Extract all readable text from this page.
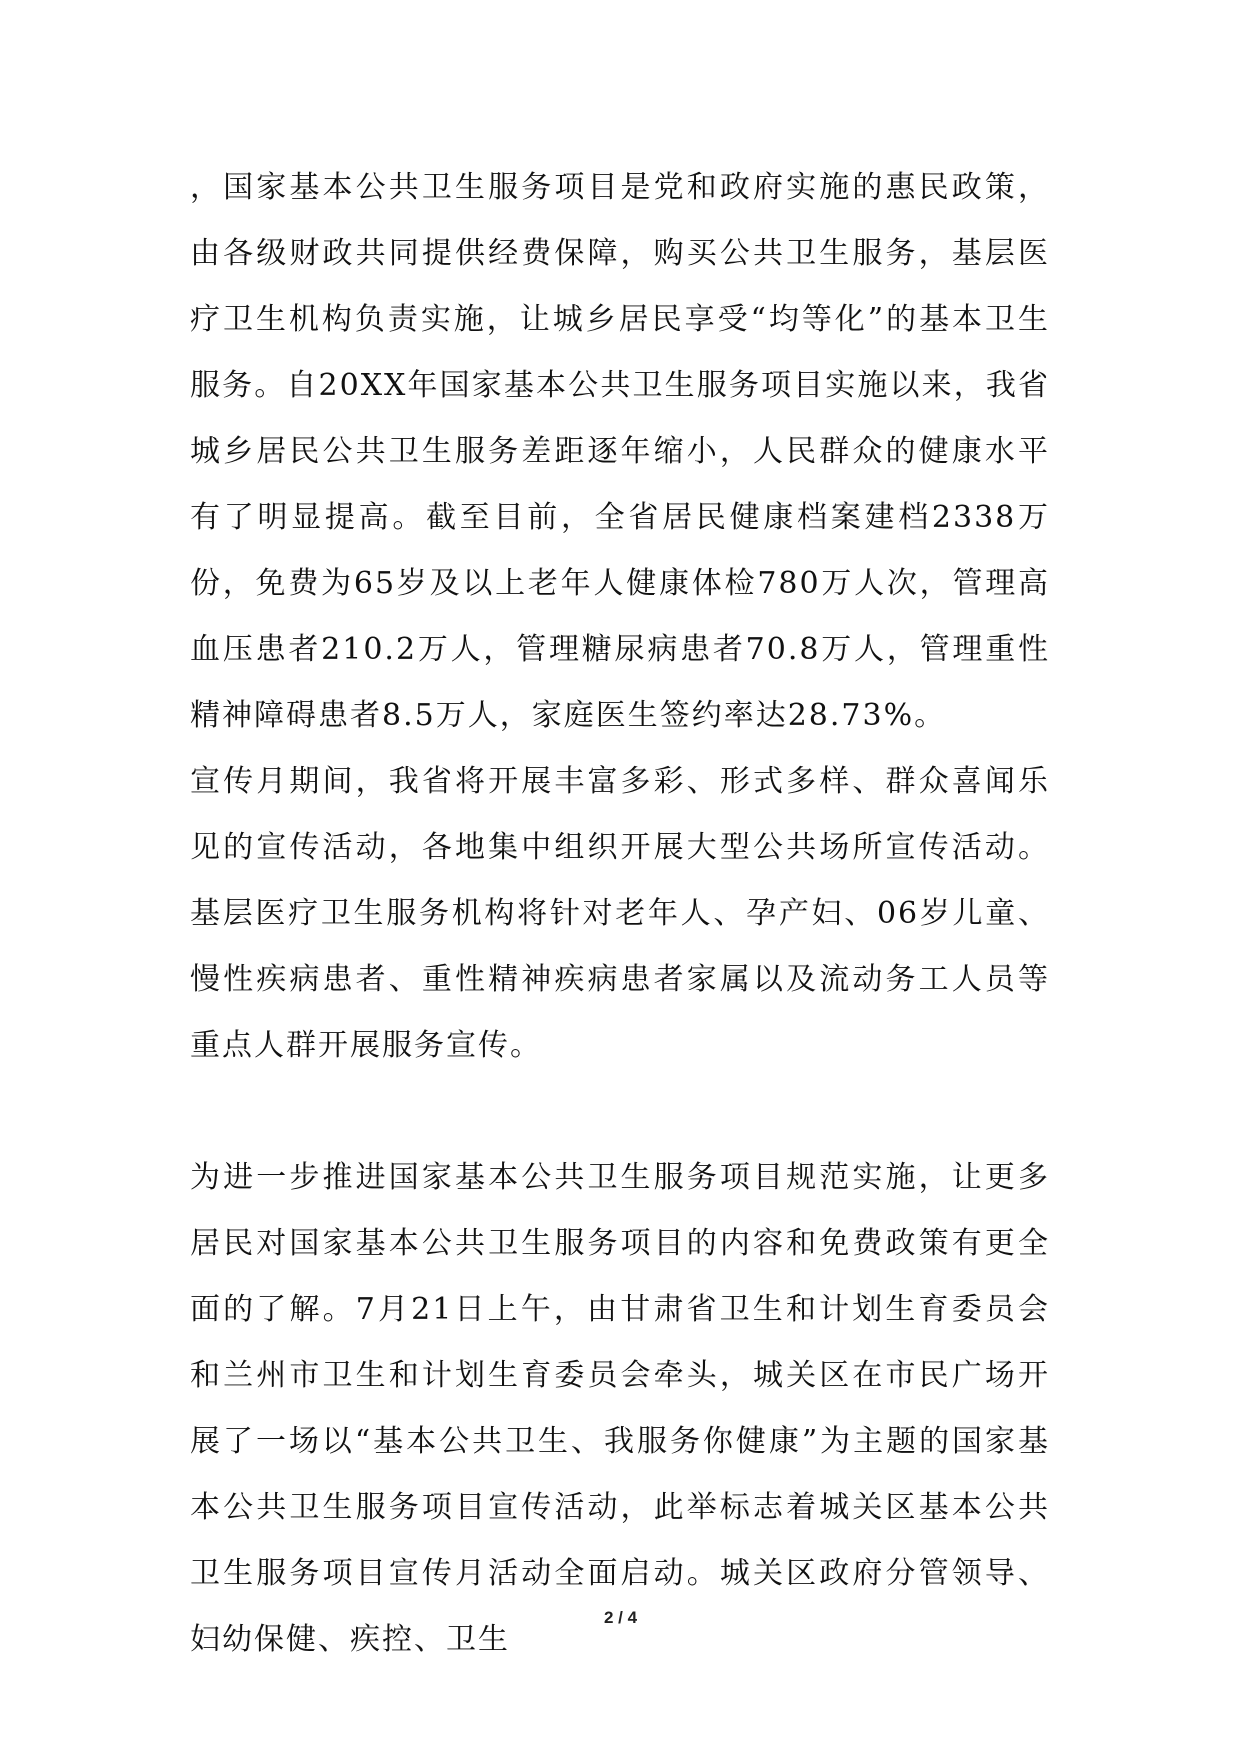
，国家基本公共卫生服务项目是党和政府实施的惠民政策，由各级财政共同提供经费保障，购买公共卫生服务，基层医疗卫生机构负责实施，让城乡居民享受“均等化”的基本卫生服务。自20XX年国家基本公共卫生服务项目实施以来，我省城乡居民公共卫生服务差距逐年缩小，人民群众的健康水平有了明显提高。截至目前，全省居民健康档案建档2338万份，免费为65岁及以上老年人健康体检780万人次，管理高血压患者210.2万人，管理糖尿病患者70.8万人，管理重性精神障碍患者8.5万人，家庭医生签约率达28.73%。

宣传月期间，我省将开展丰富多彩、形式多样、群众喜闻乐见的宣传活动，各地集中组织开展大型公共场所宣传活动。基层医疗卫生服务机构将针对老年人、孕产妇、06岁儿童、慢性疾病患者、重性精神疾病患者家属以及流动务工人员等重点人群开展服务宣传。

为进一步推进国家基本公共卫生服务项目规范实施，让更多居民对国家基本公共卫生服务项目的内容和免费政策有更全面的了解。7月21日上午，由甘肃省卫生和计划生育委员会和兰州市卫生和计划生育委员会牵头，城关区在市民广场开展了一场以“基本公共卫生、我服务你健康”为主题的国家基本公共卫生服务项目宣传活动，此举标志着城关区基本公共卫生服务项目宣传月活动全面启动。城关区政府分管领导、妇幼保健、疾控、卫生

2 / 4
